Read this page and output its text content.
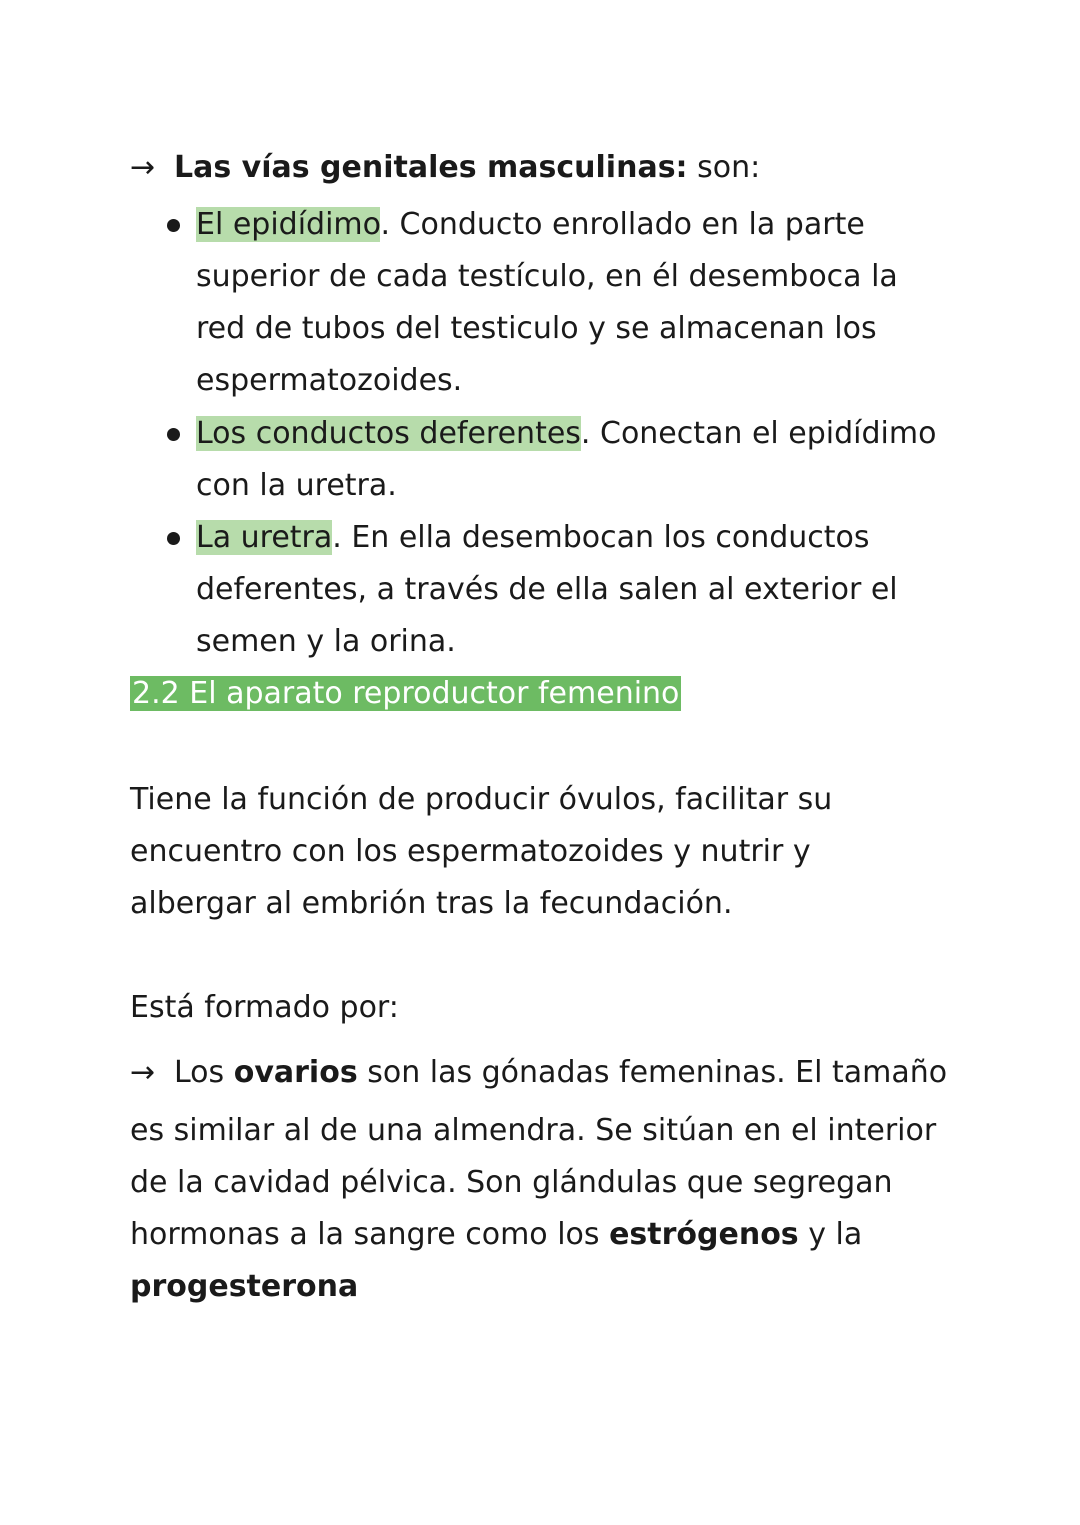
→ Las vías genitales masculinas: son:
El epidídimo. Conducto enrollado en la parte
superior de cada testículo, en él desemboca la
red de tubos del testiculo y se almacenan los
espermatozoides.
Los conductos deferentes. Conectan el epidídimo
con la uretra.
La uretra. En ella desembocan los conductos
deferentes, a través de ella salen al exterior el
semen y la orina.
2.2 El aparato reproductor femenino
Tiene la función de producir óvulos, facilitar su
encuentro con los espermatozoides y nutrir y
albergar al embrión tras la fecundación.
Está formado por:
→ Los ovarios son las gónadas femeninas. El tamaño
es similar al de una almendra. Se sitúan en el interior
de la cavidad pélvica. Son glándulas que segregan
hormonas a la sangre como los estrógenos y la
progesterona
